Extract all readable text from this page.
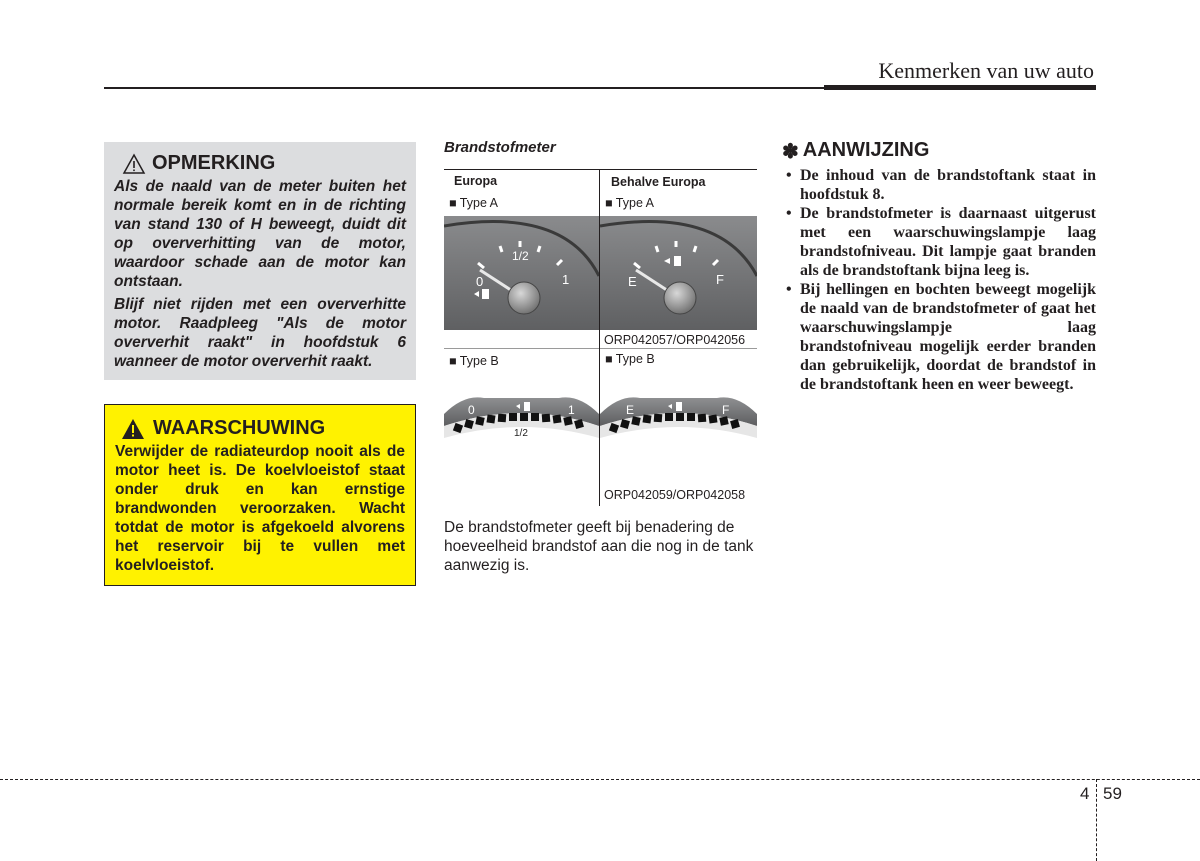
Kenmerken van uw auto
OPMERKING

Als de naald van de meter buiten het normale bereik komt en in de richting van stand 130 of H beweegt, duidt dit op oververhitting van de motor, waardoor schade aan de motor kan ontstaan.

Blijf niet rijden met een oververhitte motor. Raadpleeg "Als de motor oververhit raakt" in hoofdstuk 6 wanneer de motor oververhit raakt.

WAARSCHUWING

Verwijder de radiateurdop nooit als de motor heet is. De koelvloeistof staat onder druk en kan ernstige brandwonden veroorzaken. Wacht totdat de motor is afgekoeld alvorens het reservoir bij te vullen met koelvloeistof.

Brandstofmeter
Europa	Behalve Europa
■ Type A	■ Type A
0
1/2
1	E	F
ORP042057/ORP042056
■ Type B	■ Type B
0	1
1/2
E	F
ORP042059/ORP042058
De brandstofmeter geeft bij benadering de hoeveelheid brandstof aan die nog in de tank aanwezig is.
✽ AANWIJZING
• De inhoud van de brandstoftank staat in hoofdstuk 8.
• De brandstofmeter is daarnaast uitgerust met een waarschuwingslampje laag brandstofniveau. Dit lampje gaat branden als de brandstoftank bijna leeg is.
• Bij hellingen en bochten beweegt mogelijk de naald van de brandstofmeter of gaat het waarschuwingslampje laag brandstofniveau mogelijk eerder branden dan gebruikelijk, doordat de brandstof in de brandstoftank heen en weer beweegt.
4 59
